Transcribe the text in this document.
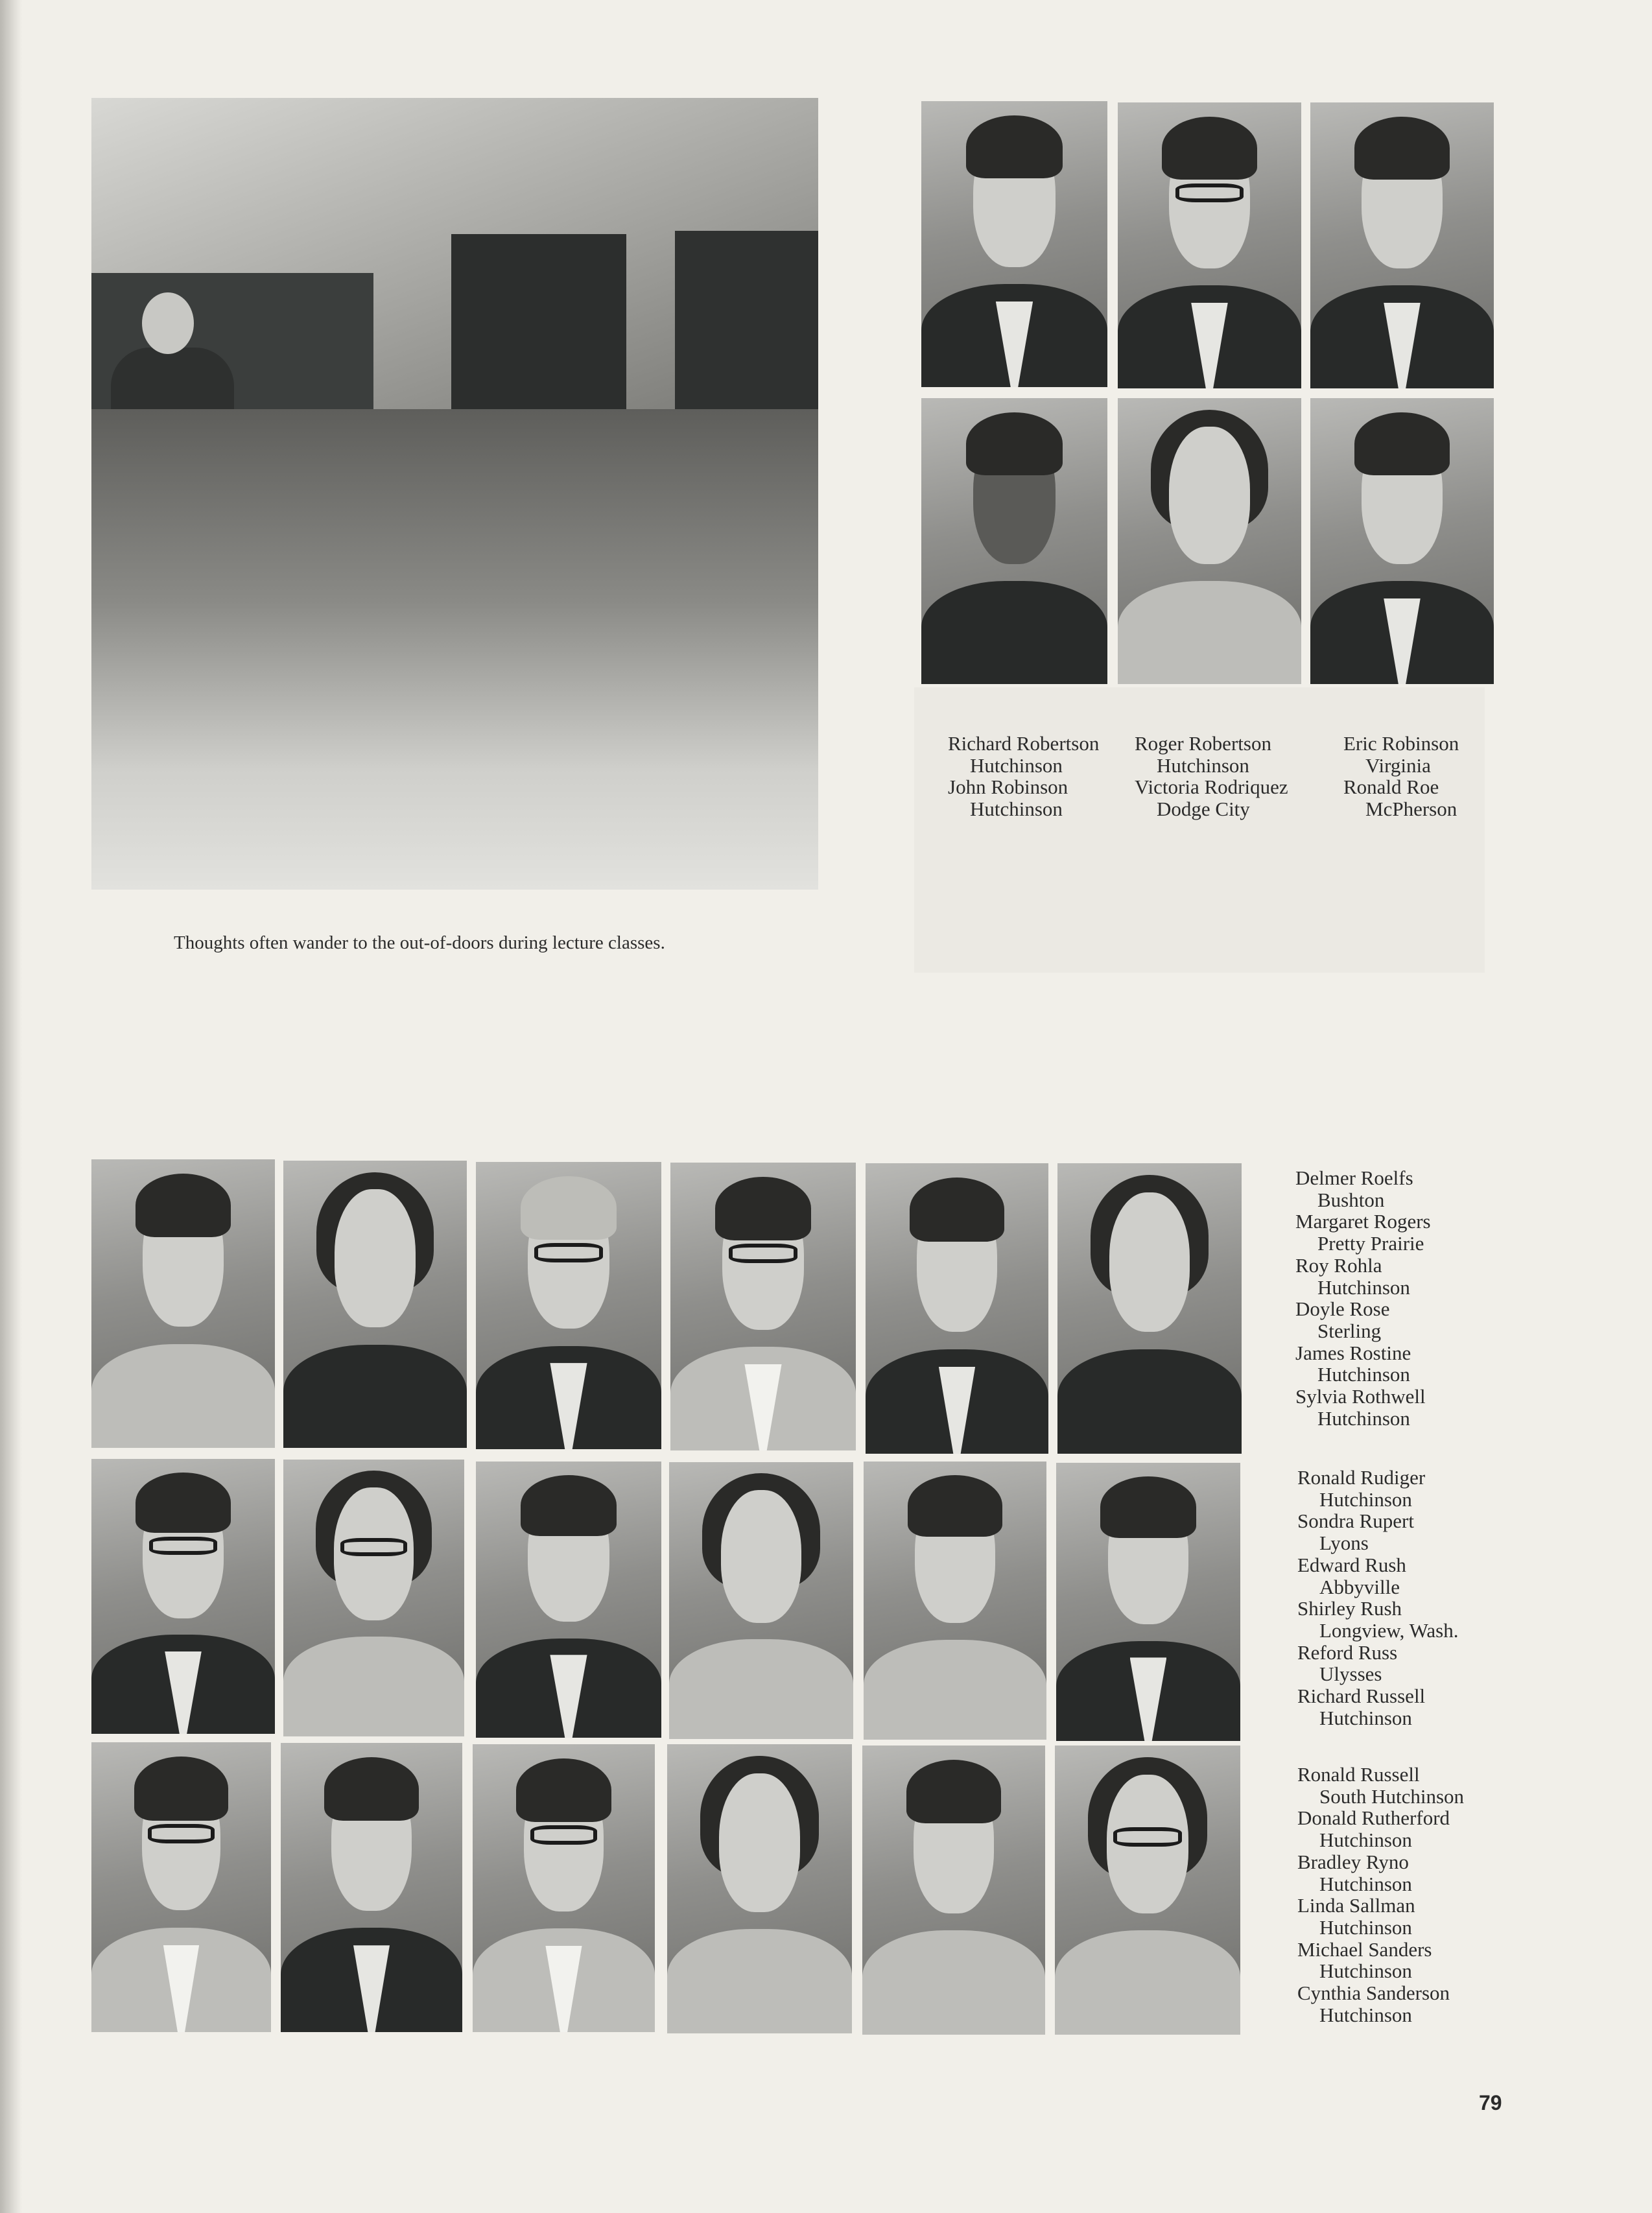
Thoughts often wander to the out-of-doors during lecture classes.
Richard Robertson
Hutchinson
John Robinson
Hutchinson
Roger Robertson
Hutchinson
Victoria Rodriquez
Dodge City
Eric Robinson
Virginia
Ronald Roe
McPherson
Delmer Roelfs
Bushton
Margaret Rogers
Pretty Prairie
Roy Rohla
Hutchinson
Doyle Rose
Sterling
James Rostine
Hutchinson
Sylvia Rothwell
Hutchinson
Ronald Rudiger
Hutchinson
Sondra Rupert
Lyons
Edward Rush
Abbyville
Shirley Rush
Longview, Wash.
Reford Russ
Ulysses
Richard Russell
Hutchinson
Ronald Russell
South Hutchinson
Donald Rutherford
Hutchinson
Bradley Ryno
Hutchinson
Linda Sallman
Hutchinson
Michael Sanders
Hutchinson
Cynthia Sanderson
Hutchinson
79
